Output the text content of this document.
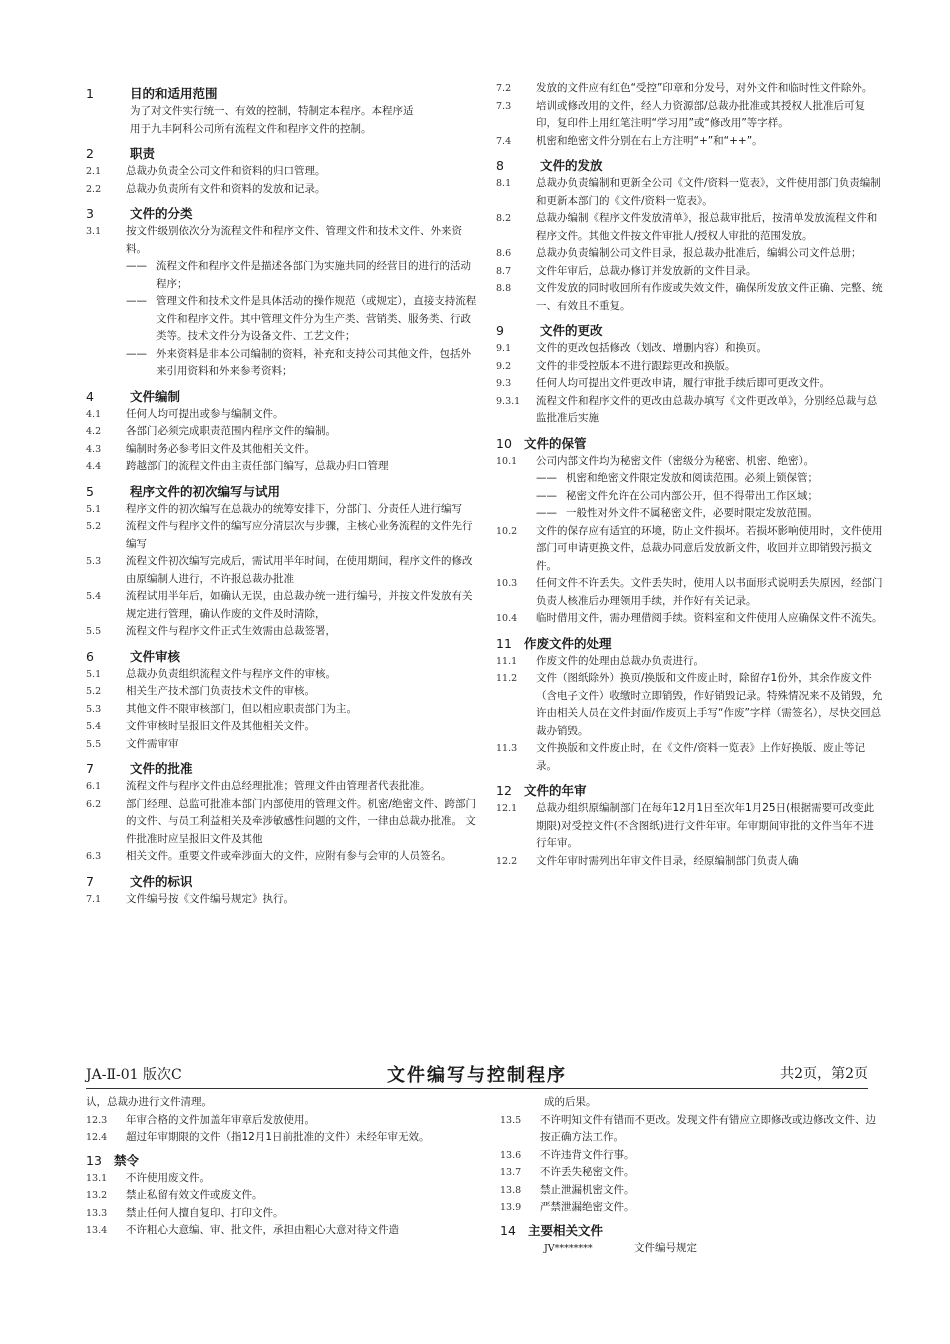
1	目的和适用范围
为了对文件实行统一、有效的控制，特制定本程序。本程序适
用于九丰阿科公司所有流程文件和程序文件的控制。
2	职责
2.1	总裁办负责全公司文件和资料的归口管理。
2.2	总裁办负责所有文件和资料的发放和记录。
3	文件的分类
3.1	按文件级别依次分为流程文件和程序文件、管理文件和技术文件、外来资料。
—— 流程文件和程序文件是描述各部门为实施共同的经营目的进行的活动程序；
—— 管理文件和技术文件是具体活动的操作规范（或规定），直接支持流程文件和程序文件。其中管理文件分为生产类、营销类、服务类、行政类等。技术文件分为设备文件、工艺文件；
—— 外来资料是非本公司编制的资料，补充和支持公司其他文件，包括外来引用资料和外来参考资料；
4	文件编制
4.1	任何人均可提出或参与编制文件。
4.2	各部门必须完成职责范围内程序文件的编制。
4.3	编制时务必参考旧文件及其他相关文件。
4.4	跨越部门的流程文件由主责任部门编写，总裁办归口管理
5	程序文件的初次编写与试用
5.1	程序文件的初次编写在总裁办的统筹安排下，分部门、分责任人进行编写
5.2	流程文件与程序文件的编写应分清层次与步骤，主核心业务流程的文件先行编写
5.3	流程文件初次编写完成后，需试用半年时间，在使用期间，程序文件的修改由原编制人进行，不许报总裁办批准
5.4	流程试用半年后，如确认无误，由总裁办统一进行编号，并按文件发放有关规定进行管理，确认作废的文件及时清除，
5.5	流程文件与程序文件正式生效需由总裁签署，
6	文件审核
5.1	总裁办负责组织流程文件与程序文件的审核。
5.2	相关生产技术部门负责技术文件的审核。
5.3	其他文件不限审核部门，但以相应职责部门为主。
5.4	文件审核时呈报旧文件及其他相关文件。
5.5	文件需审审
7	文件的批准
6.1	流程文件与程序文件由总经理批准；管理文件由管理者代表批准。
6.2	部门经理、总监可批准本部门内部使用的管理文件。机密/绝密文件、跨部门的文件、与员工利益相关及牵涉敏感性问题的文件，一律由总裁办批准。 文件批准时应呈报旧文件及其他
6.3	相关文件。重要文件或牵涉面大的文件，应附有参与会审的人员签名。
7	文件的标识
7.1	文件编号按《文件编号规定》执行。
7.2	发放的文件应有红色“受控”印章和分发号，对外文件和临时性文件除外。
7.3	培训或修改用的文件，经人力资源部/总裁办批准或其授权人批准后可复印，复印件上用红笔注明“学习用”或“修改用”等字样。
7.4	机密和绝密文件分别在右上方注明“+”和“++”。
8	文件的发放
8.1	总裁办负责编制和更新全公司《文件/资料一览表》，文件使用部门负责编制和更新本部门的《文件/资料一览表》。
8.2	总裁办编制《程序文件发放清单》，报总裁审批后，按清单发放流程文件和程序文件。其他文件按文件审批人/授权人审批的范围发放。
8.6	总裁办负责编制公司文件目录，报总裁办批准后，编辑公司文件总册；
8.7	文件年审后，总裁办修订并发放新的文件目录。
8.8	文件发放的同时收回所有作废或失效文件，确保所发放文件正确、完整、统一、有效且不重复。
9	文件的更改
9.1	文件的更改包括修改（划改、增删内容）和换页。
9.2	文件的非受控版本不进行跟踪更改和换版。
9.3	任何人均可提出文件更改申请，履行审批手续后即可更改文件。
9.3.1	流程文件和程序文件的更改由总裁办填写《文件更改单》，分别经总裁与总监批准后实施
10 文件的保管
10.1	公司内部文件均为秘密文件（密级分为秘密、机密、绝密）。
—— 机密和绝密文件限定发放和阅读范围。必须上锁保管；
—— 秘密文件允许在公司内部公开，但不得带出工作区域；
—— 一般性对外文件不属秘密文件，必要时限定发放范围。
10.2	文件的保存应有适宜的环境，防止文件损坏。若损坏影响使用时，文件使用部门可申请更换文件，总裁办同意后发放新文件，收回并立即销毁污损文件。
10.3	任何文件不许丢失。文件丢失时，使用人以书面形式说明丢失原因，经部门负责人核准后办理领用手续，并作好有关记录。
10.4	临时借用文件，需办理借阅手续。资料室和文件使用人应确保文件不流失。
11 作废文件的处理
11.1	作废文件的处理由总裁办负责进行。
11.2	文件（图纸除外）换页/换版和文件废止时，除留存1份外，其余作废文件（含电子文件）收缴时立即销毁，作好销毁记录。特殊情况来不及销毁，允许由相关人员在文件封面/作废页上手写“作废”字样（需签名），尽快交回总裁办销毁。
11.3	文件换版和文件废止时，在《文件/资料一览表》上作好换版、废止等记录。
12 文件的年审
12.1	总裁办组织原编制部门在每年12月1日至次年1月25日(根据需要可改变此期限)对受控文件(不含图纸)进行文件年审。年审期间审批的文件当年不进行年审。
12.2	文件年审时需列出年审文件目录，经原编制部门负责人确
JA-Ⅱ-01 版次C	文件编写与控制程序	共2页，第2页
认，总裁办进行文件清理。
12.3	年审合格的文件加盖年审章后发放使用。
12.4	超过年审期限的文件（指12月1日前批准的文件）未经年审无效。
13 禁令
13.1	不许使用废文件。
13.2	禁止私留有效文件或废文件。
13.3	禁止任何人擅自复印、打印文件。
13.4	不许粗心大意编、审、批文件，承担由粗心大意对待文件造
成的后果。
13.5	不许明知文件有错而不更改。发现文件有错应立即修改或边修改文件、边按正确方法工作。
13.6	不许违背文件行事。
13.7	不许丢失秘密文件。
13.8	禁止泄漏机密文件。
13.9	严禁泄漏绝密文件。
14 主要相关文件
JV********	文件编号规定
